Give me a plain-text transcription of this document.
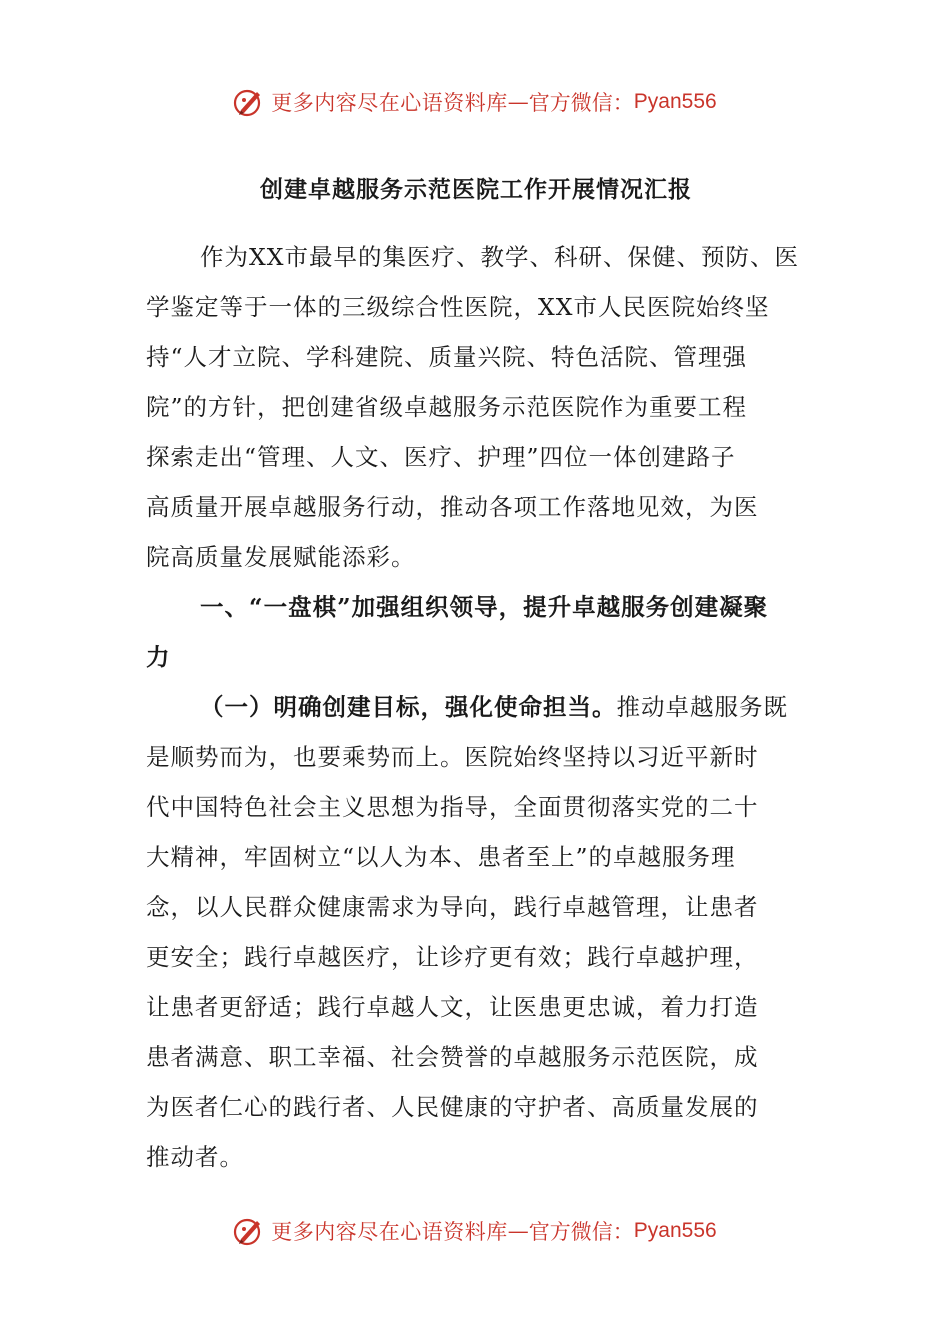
更多内容尽在心语资料库 — 官方微信： Pyan556
创建卓越服务示范医院工作开展情况汇报

作为XX市最早的集医疗、教学、科研、保健、预防、医
学鉴定等于一体的三级综合性医院，XX市人民医院始终坚
持“人才立院、学科建院、质量兴院、特色活院、管理强
院”的方针，把创建省级卓越服务示范医院作为重要工程
探索走出“管理、人文、医疗、护理”四位一体创建路子
高质量开展卓越服务行动，推动各项工作落地见效，为医
院高质量发展赋能添彩。

一、“一盘棋”加强组织领导，提升卓越服务创建凝聚
力

（一）明确创建目标，强化使命担当。推动卓越服务既
是顺势而为，也要乘势而上。医院始终坚持以习近平新时
代中国特色社会主义思想为指导，全面贯彻落实党的二十
大精神，牢固树立“以人为本、患者至上”的卓越服务理
念，以人民群众健康需求为导向，践行卓越管理，让患者
更安全；践行卓越医疗，让诊疗更有效；践行卓越护理，
让患者更舒适；践行卓越人文，让医患更忠诚，着力打造
患者满意、职工幸福、社会赞誉的卓越服务示范医院，成
为医者仁心的践行者、人民健康的守护者、高质量发展的
推动者。

更多内容尽在心语资料库 — 官方微信： Pyan556
